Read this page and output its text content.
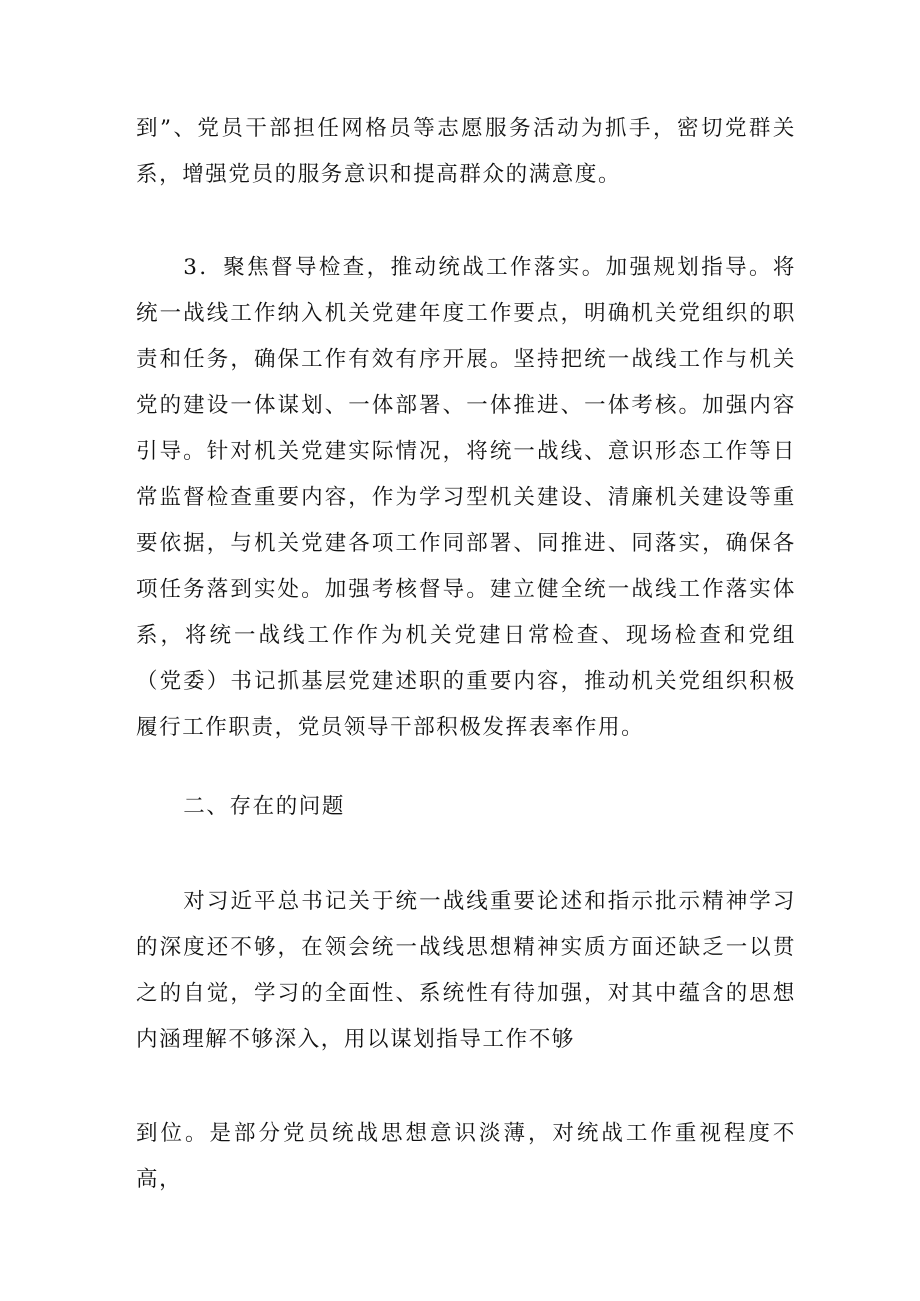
到”、党员干部担任网格员等志愿服务活动为抓手，密切党群关系，增强党员的服务意识和提高群众的满意度。

3．聚焦督导检查，推动统战工作落实。加强规划指导。将统一战线工作纳入机关党建年度工作要点，明确机关党组织的职责和任务，确保工作有效有序开展。坚持把统一战线工作与机关党的建设一体谋划、一体部署、一体推进、一体考核。加强内容引导。针对机关党建实际情况，将统一战线、意识形态工作等日常监督检查重要内容，作为学习型机关建设、清廉机关建设等重要依据，与机关党建各项工作同部署、同推进、同落实，确保各项任务落到实处。加强考核督导。建立健全统一战线工作落实体系，将统一战线工作作为机关党建日常检查、现场检查和党组（党委）书记抓基层党建述职的重要内容，推动机关党组织积极履行工作职责，党员领导干部积极发挥表率作用。

二、存在的问题

对习近平总书记关于统一战线重要论述和指示批示精神学习的深度还不够，在领会统一战线思想精神实质方面还缺乏一以贯之的自觉，学习的全面性、系统性有待加强，对其中蕴含的思想内涵理解不够深入，用以谋划指导工作不够

到位。是部分党员统战思想意识淡薄，对统战工作重视程度不高，
